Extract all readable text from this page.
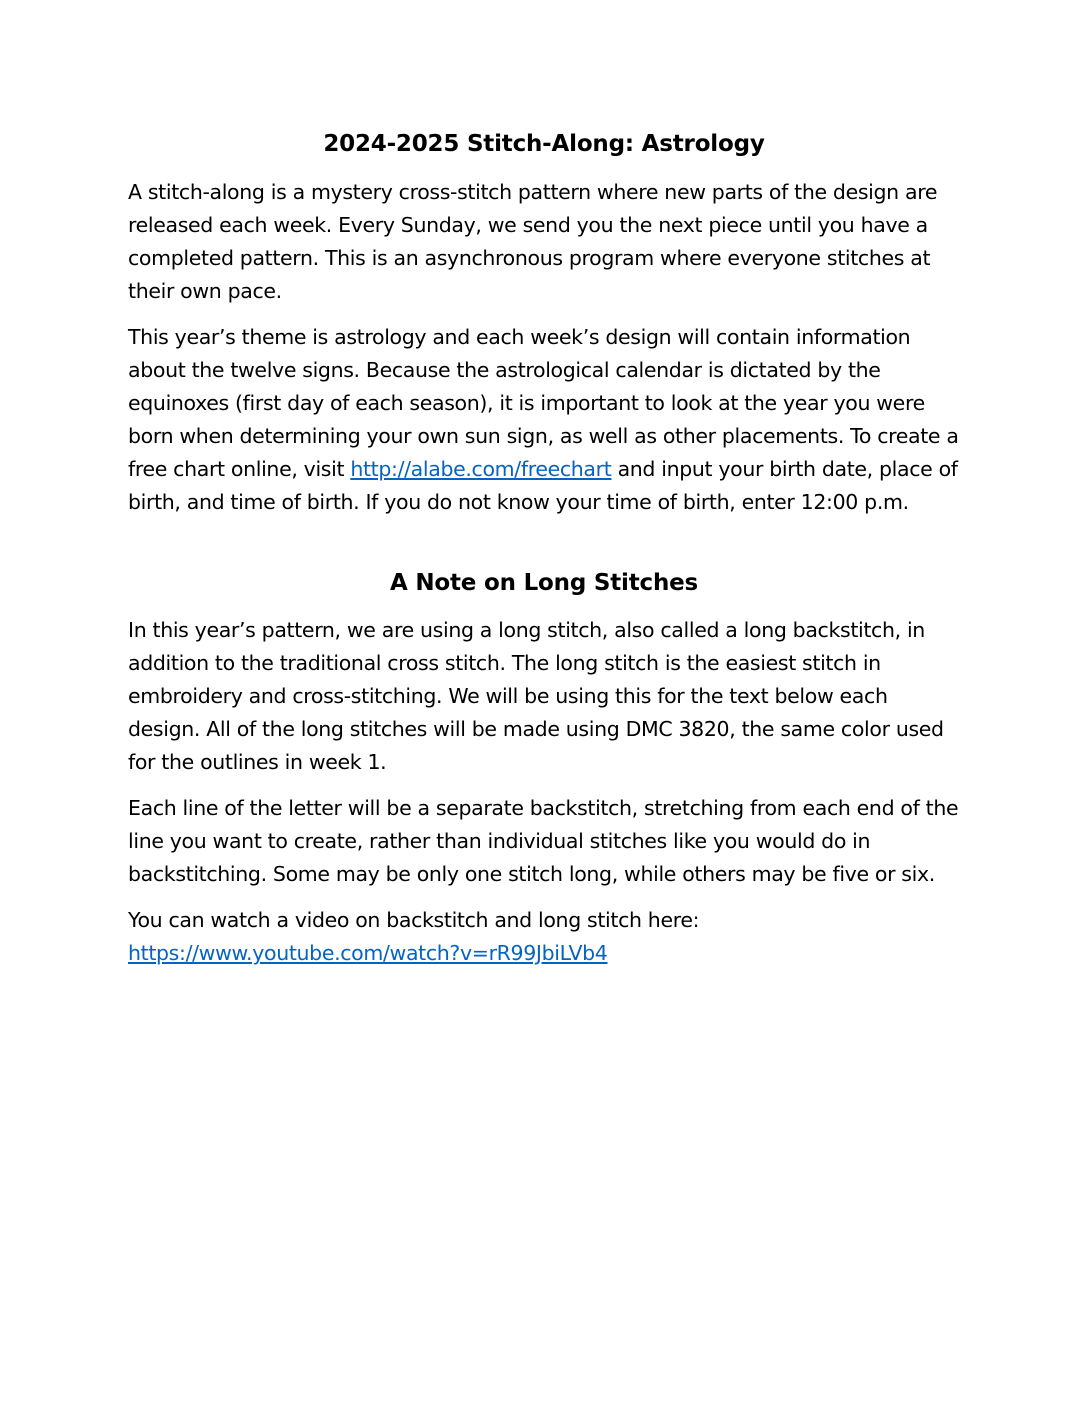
2024-2025 Stitch-Along: Astrology

A stitch-along is a mystery cross-stitch pattern where new parts of the design are released each week. Every Sunday, we send you the next piece until you have a completed pattern. This is an asynchronous program where everyone stitches at their own pace.

This year’s theme is astrology and each week’s design will contain information about the twelve signs. Because the astrological calendar is dictated by the equinoxes (first day of each season), it is important to look at the year you were born when determining your own sun sign, as well as other placements. To create a free chart online, visit http://alabe.com/freechart and input your birth date, place of birth, and time of birth. If you do not know your time of birth, enter 12:00 p.m.

A Note on Long Stitches

In this year’s pattern, we are using a long stitch, also called a long backstitch, in addition to the traditional cross stitch. The long stitch is the easiest stitch in embroidery and cross-stitching. We will be using this for the text below each design. All of the long stitches will be made using DMC 3820, the same color used for the outlines in week 1.

Each line of the letter will be a separate backstitch, stretching from each end of the line you want to create, rather than individual stitches like you would do in backstitching. Some may be only one stitch long, while others may be five or six.

You can watch a video on backstitch and long stitch here:
https://www.youtube.com/watch?v=rR99JbiLVb4
